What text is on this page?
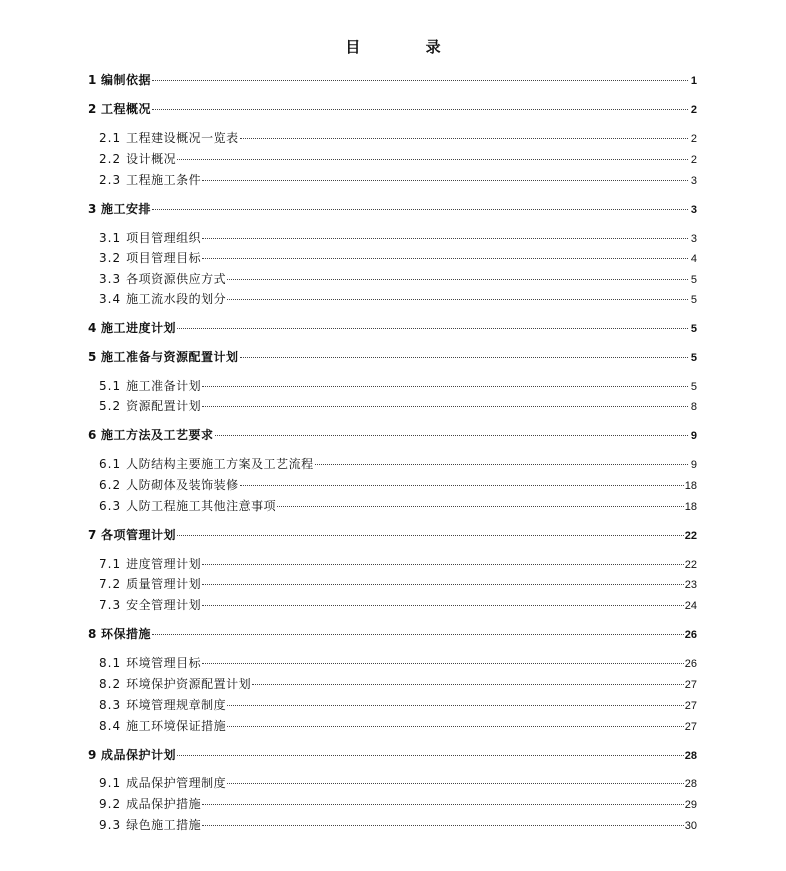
目 录
1 编制依据	1
2 工程概况	2
2.1 工程建设概况一览表	2
2.2 设计概况	2
2.3 工程施工条件	3
3 施工安排	3
3.1 项目管理组织	3
3.2 项目管理目标	4
3.3 各项资源供应方式	5
3.4 施工流水段的划分	5
4 施工进度计划	5
5 施工准备与资源配置计划	5
5.1 施工准备计划	5
5.2 资源配置计划	8
6 施工方法及工艺要求	9
6.1 人防结构主要施工方案及工艺流程	9
6.2 人防砌体及装饰装修	18
6.3 人防工程施工其他注意事项	18
7 各项管理计划	22
7.1 进度管理计划	22
7.2 质量管理计划	23
7.3 安全管理计划	24
8 环保措施	26
8.1 环境管理目标	26
8.2 环境保护资源配置计划	27
8.3 环境管理规章制度	27
8.4 施工环境保证措施	27
9 成品保护计划	28
9.1 成品保护管理制度	28
9.2 成品保护措施	29
9.3 绿色施工措施	30
